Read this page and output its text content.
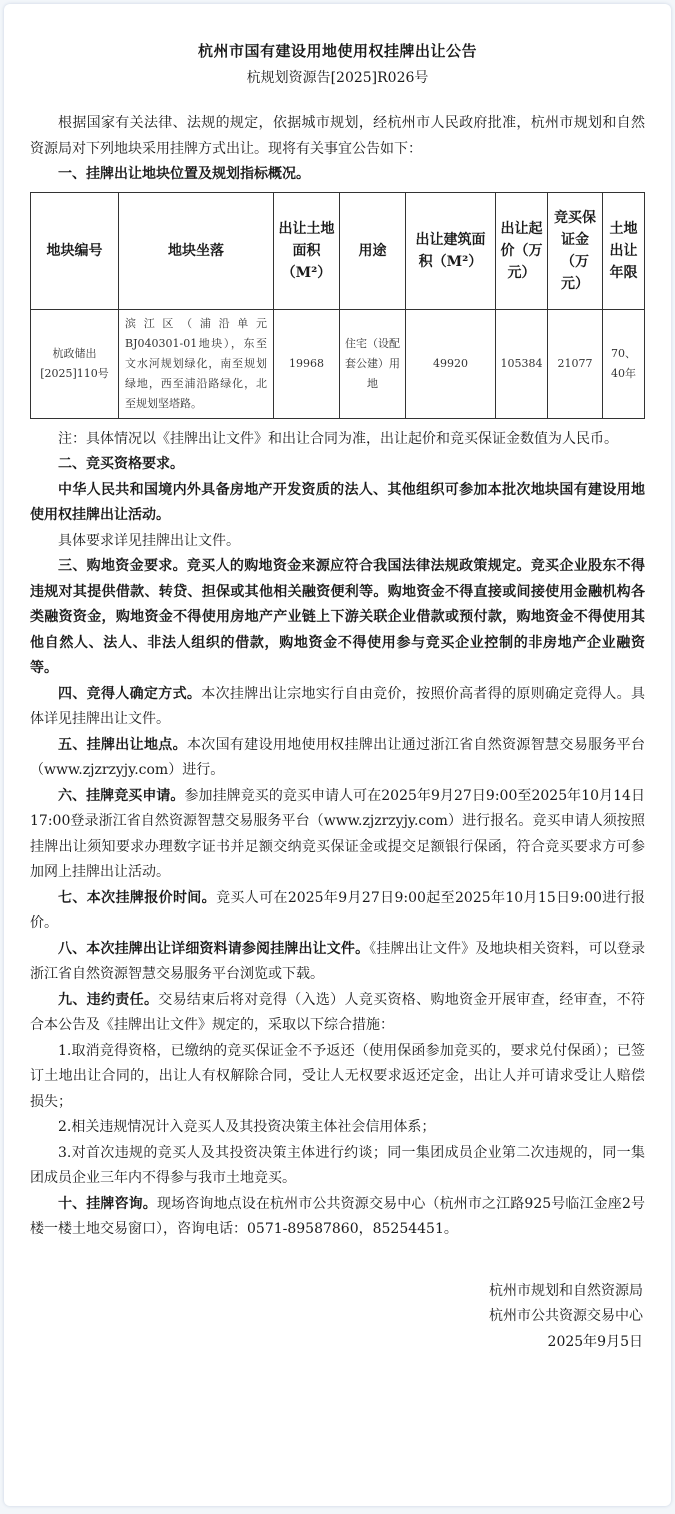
杭州市国有建设用地使用权挂牌出让公告
杭规划资源告[2025]R026号

根据国家有关法律、法规的规定，依据城市规划，经杭州市人民政府批准，杭州市规划和自然资源局对下列地块采用挂牌方式出让。现将有关事宜公告如下：

一、挂牌出让地块位置及规划指标概况。

地块编号	地块坐落	出让土地面积（M²）	用途	出让建筑面积（M²）	出让起价（万元）	竞买保证金（万元）	土地出让年限
杭政储出[2025]110号	滨江区（浦沿单元BJ040301-01地块），东至文水河规划绿化，南至规划绿地，西至浦沿路绿化，北至规划坚塔路。	19968	住宅（设配套公建）用地	49920	105384	21077	70、40年

注：具体情况以《挂牌出让文件》和出让合同为准，出让起价和竞买保证金数值为人民币。

二、竞买资格要求。

中华人民共和国境内外具备房地产开发资质的法人、其他组织可参加本批次地块国有建设用地使用权挂牌出让活动。

具体要求详见挂牌出让文件。

三、购地资金要求。竞买人的购地资金来源应符合我国法律法规政策规定。竞买企业股东不得违规对其提供借款、转贷、担保或其他相关融资便利等。购地资金不得直接或间接使用金融机构各类融资资金，购地资金不得使用房地产产业链上下游关联企业借款或预付款，购地资金不得使用其他自然人、法人、非法人组织的借款，购地资金不得使用参与竞买企业控制的非房地产企业融资等。

四、竞得人确定方式。本次挂牌出让宗地实行自由竞价，按照价高者得的原则确定竞得人。具体详见挂牌出让文件。

五、挂牌出让地点。本次国有建设用地使用权挂牌出让通过浙江省自然资源智慧交易服务平台（www.zjzrzyjy.com）进行。

六、挂牌竞买申请。参加挂牌竞买的竞买申请人可在2025年9月27日9:00至2025年10月14日17:00登录浙江省自然资源智慧交易服务平台（www.zjzrzyjy.com）进行报名。竞买申请人须按照挂牌出让须知要求办理数字证书并足额交纳竞买保证金或提交足额银行保函，符合竞买要求方可参加网上挂牌出让活动。

七、本次挂牌报价时间。竞买人可在2025年9月27日9:00起至2025年10月15日9:00进行报价。

八、本次挂牌出让详细资料请参阅挂牌出让文件。《挂牌出让文件》及地块相关资料，可以登录浙江省自然资源智慧交易服务平台浏览或下载。

九、违约责任。交易结束后将对竞得（入选）人竞买资格、购地资金开展审查，经审查，不符合本公告及《挂牌出让文件》规定的，采取以下综合措施：

1.取消竞得资格，已缴纳的竞买保证金不予返还（使用保函参加竞买的，要求兑付保函）；已签订土地出让合同的，出让人有权解除合同，受让人无权要求返还定金，出让人并可请求受让人赔偿损失；

2.相关违规情况计入竞买人及其投资决策主体社会信用体系；

3.对首次违规的竞买人及其投资决策主体进行约谈；同一集团成员企业第二次违规的，同一集团成员企业三年内不得参与我市土地竞买。

十、挂牌咨询。现场咨询地点设在杭州市公共资源交易中心（杭州市之江路925号临江金座2号楼一楼土地交易窗口），咨询电话：0571-89587860，85254451。

杭州市规划和自然资源局
杭州市公共资源交易中心
2025年9月5日
